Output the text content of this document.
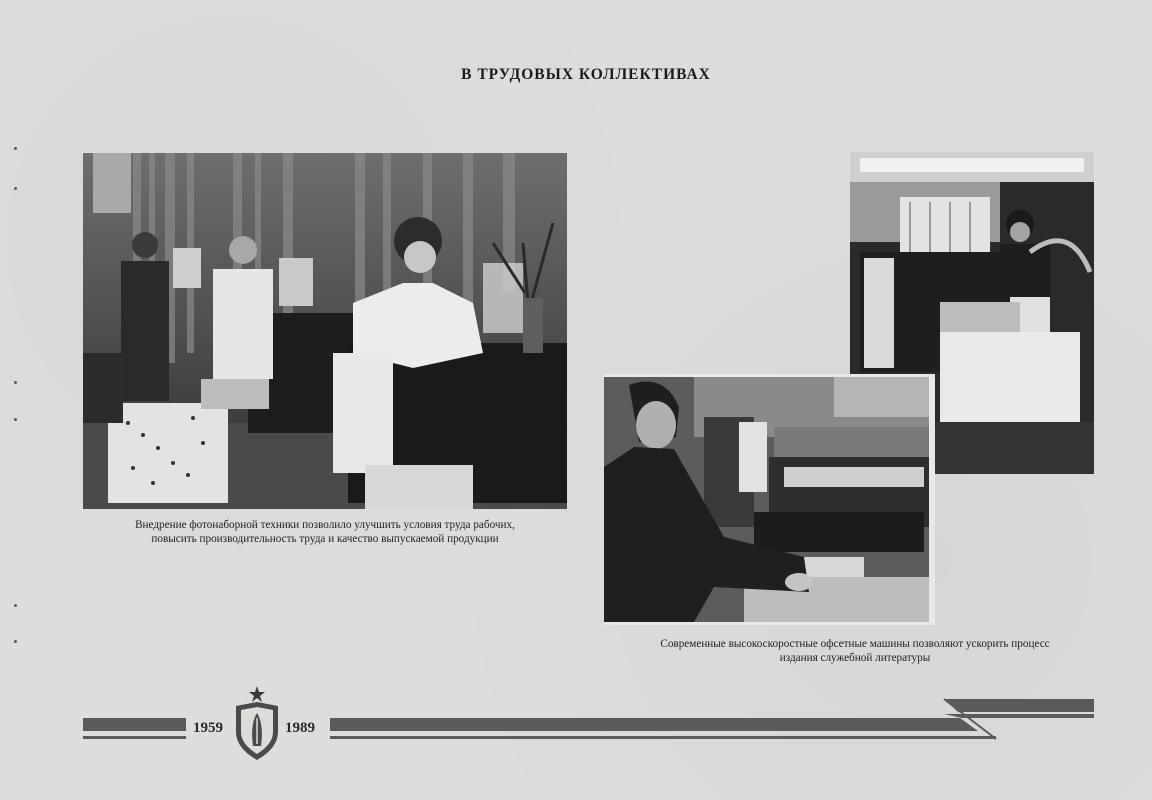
В ТРУДОВЫХ КОЛЛЕКТИВАХ
Внедрение фотонаборной техники позволило улучшить условия труда рабочих,
повысить производительность труда и качество выпускаемой продукции
Современные высокоскоростные офсетные машины позволяют ускорить процесс
издания служебной литературы
1959	1989
